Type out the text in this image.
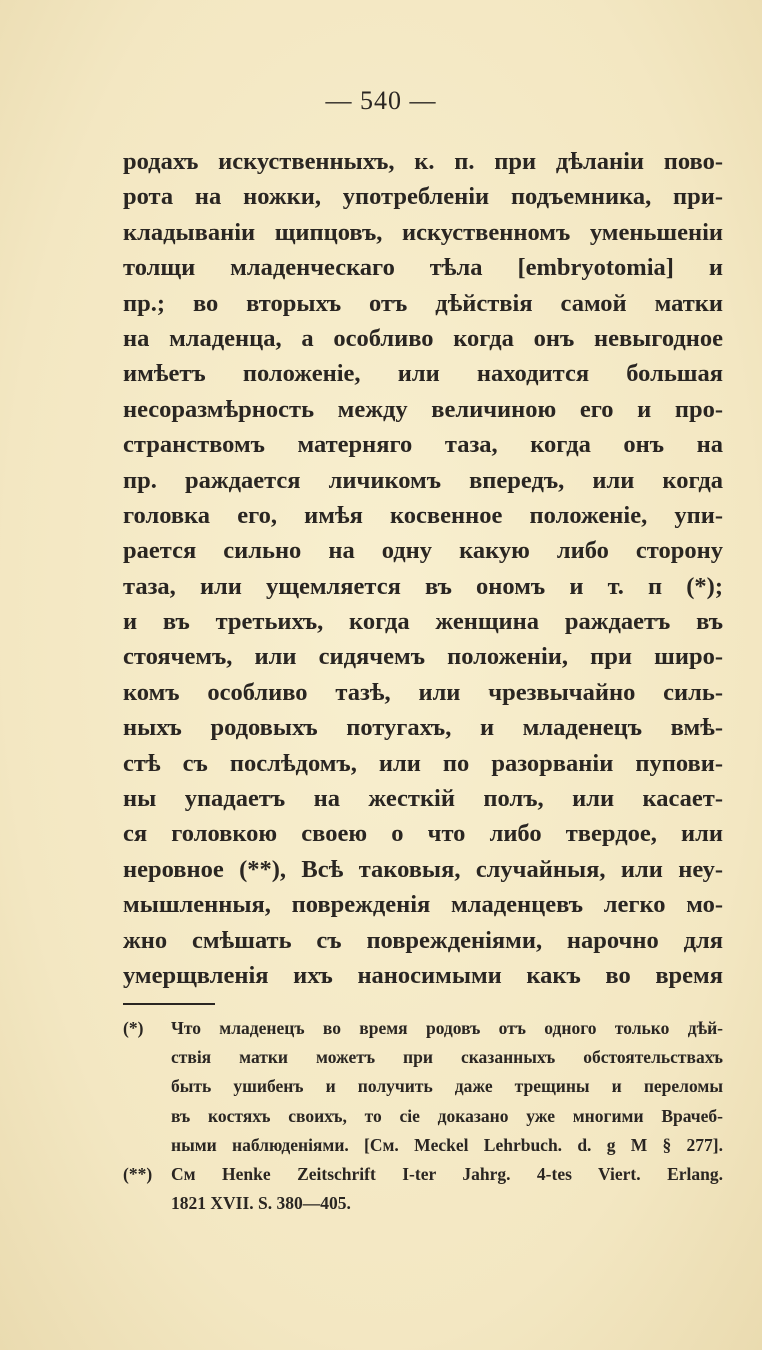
— 540 —
родахъ искуственныхъ, к. п. при дѣланіи пово-
рота на ножки, употребленіи подъемника, при-
кладываніи щипцовъ, искуственномъ уменьшеніи
толщи младенческаго тѣла [embryotomia] и
пр.; во вторыхъ отъ дѣйствія самой матки
на младенца, а особливо когда онъ невыгодное
имѣетъ положеніе, или находится большая
несоразмѣрность между величиною его и про-
странствомъ матерняго таза, когда онъ на
пр. раждается личикомъ впередъ, или когда
головка его, имѣя косвенное положеніе, упи-
рается сильно на одну какую либо сторону
таза, или ущемляется въ ономъ и т. п (*);
и въ третьихъ, когда женщина раждаетъ въ
стоячемъ, или сидячемъ положеніи, при широ-
комъ особливо тазѣ, или чрезвычайно силь-
ныхъ родовыхъ потугахъ, и младенецъ вмѣ-
стѣ съ послѣдомъ, или по разорваніи пупови-
ны упадаетъ на жесткій полъ, или касает-
ся головкою своею о что либо твердое, или
неровное (**), Всѣ таковыя, случайныя, или неу-
мышленныя, поврежденія младенцевъ легко мо-
жно смѣшать съ поврежденіями, нарочно для
умерщвленія ихъ наносимыми какъ во время
(*)	Что младенецъ во время родовъ отъ одного только дѣй-
ствія матки можетъ при сказанныхъ обстоятельствахъ
быть ушибенъ и получить даже трещины и переломы
въ костяхъ своихъ, то сіе доказано уже многими Врачеб-
ными наблюденіями. [См. Meckel Lehrbuch. d. g M § 277].
(**)	См Henke Zeitschrift I-ter Jahrg. 4-tes Viert. Erlang.
1821 XVII. S. 380—405.
